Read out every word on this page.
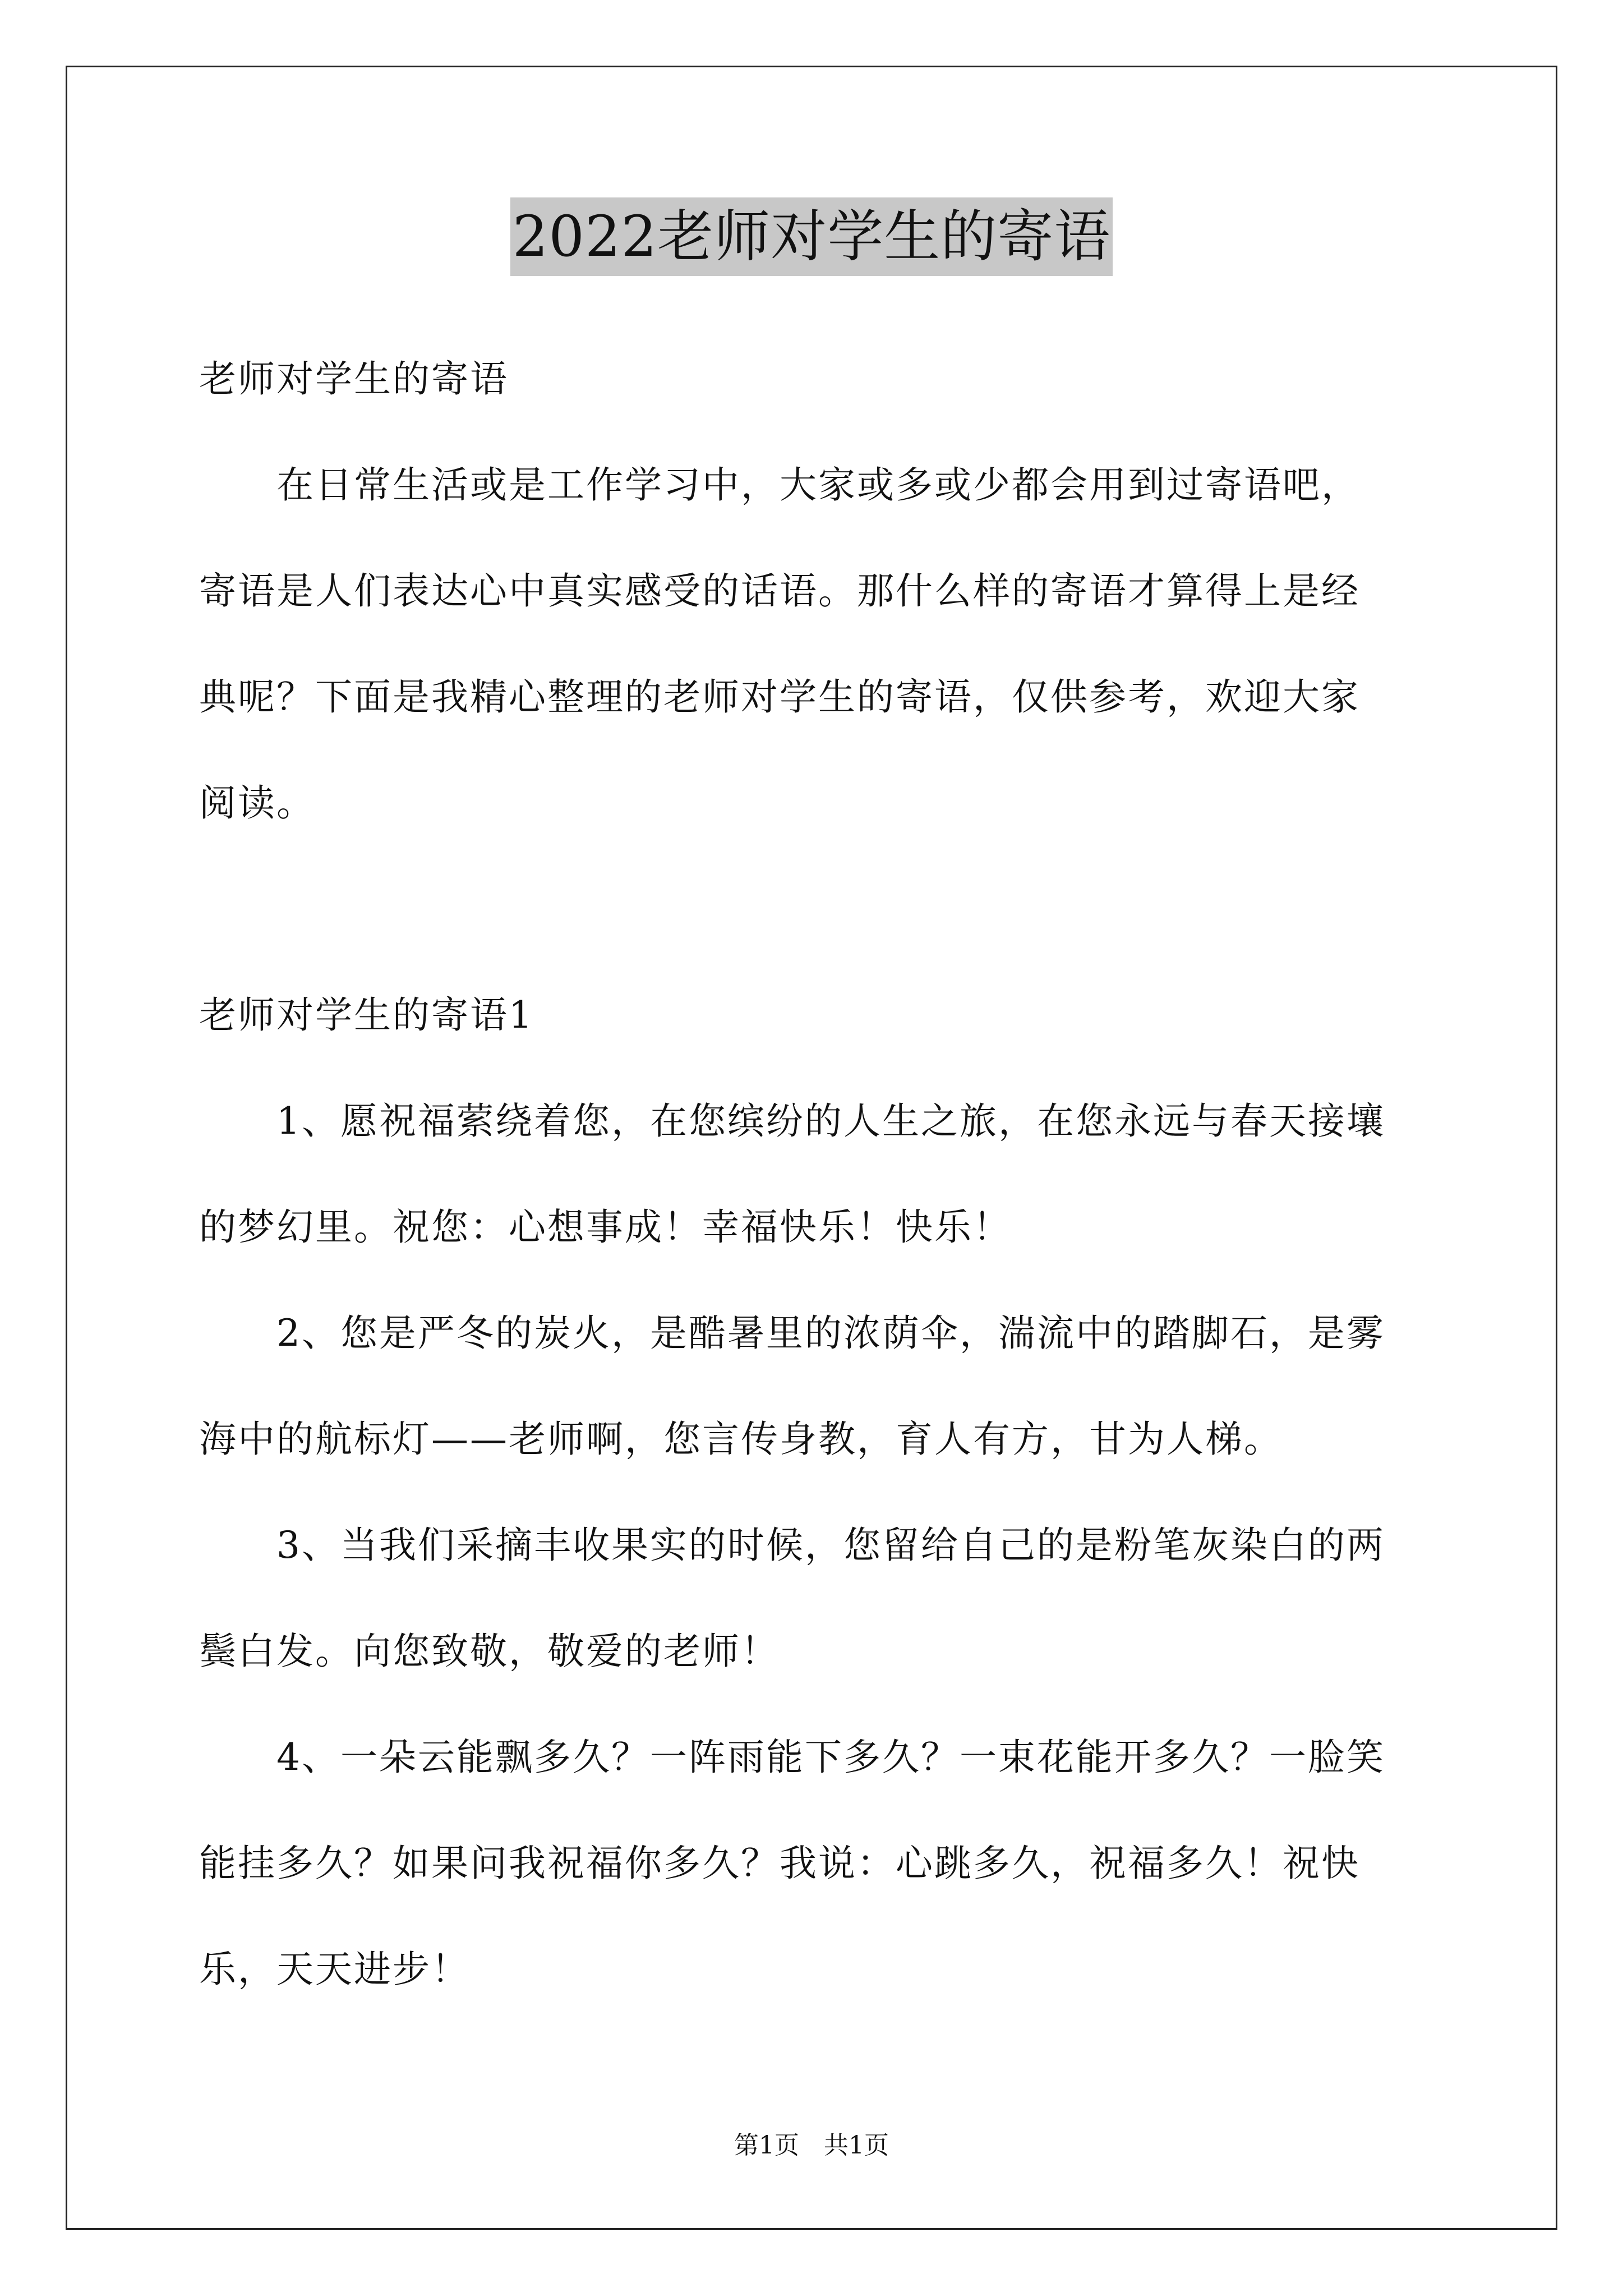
2022老师对学生的寄语
老师对学生的寄语
　　在日常生活或是工作学习中，大家或多或少都会用到过寄语吧，
寄语是人们表达心中真实感受的话语。那什么样的寄语才算得上是经
典呢？下面是我精心整理的老师对学生的寄语，仅供参考，欢迎大家
阅读。
老师对学生的寄语1
　　1、愿祝福萦绕着您，在您缤纷的人生之旅，在您永远与春天接壤
的梦幻里。祝您：心想事成！幸福快乐！快乐！
　　2、您是严冬的炭火，是酷暑里的浓荫伞，湍流中的踏脚石，是雾
海中的航标灯——老师啊，您言传身教，育人有方，甘为人梯。
　　3、当我们采摘丰收果实的时候，您留给自己的是粉笔灰染白的两
鬓白发。向您致敬，敬爱的老师！
　　4、一朵云能飘多久？一阵雨能下多久？一束花能开多久？一脸笑
能挂多久？如果问我祝福你多久？我说：心跳多久，祝福多久！祝快
乐，天天进步！
第1页　共1页
